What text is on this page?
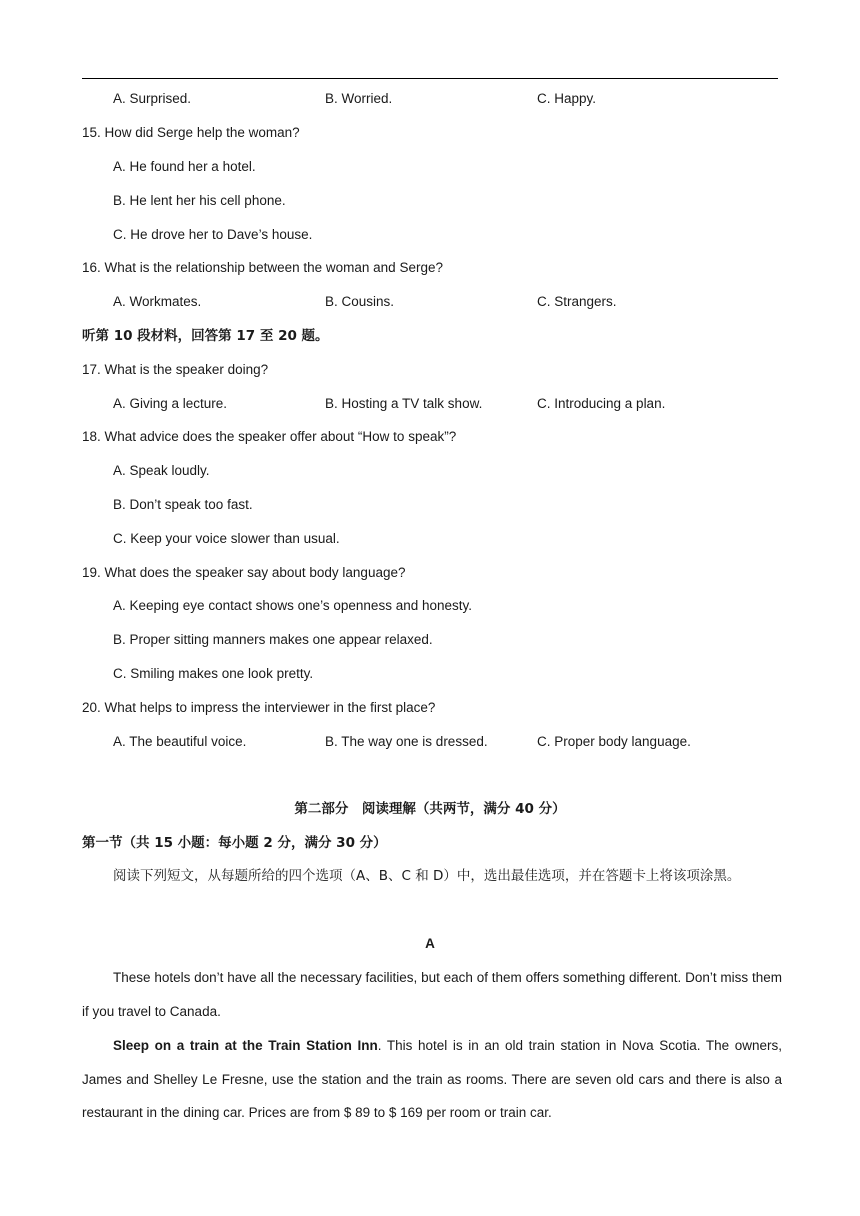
A. Surprised.	B. Worried.	C. Happy.
15. How did Serge help the woman?
A. He found her a hotel.
B. He lent her his cell phone.
C. He drove her to Dave’s house.
16. What is the relationship between the woman and Serge?
A. Workmates.	B. Cousins.	C. Strangers.
听第 10 段材料，回答第 17 至 20 题。
17. What is the speaker doing?
A. Giving a lecture.	B. Hosting a TV talk show.	C. Introducing a plan.
18. What advice does the speaker offer about “How to speak”?
A. Speak loudly.
B. Don’t speak too fast.
C. Keep your voice slower than usual.
19. What does the speaker say about body language?
A. Keeping eye contact shows one’s openness and honesty.
B. Proper sitting manners makes one appear relaxed.
C. Smiling makes one look pretty.
20. What helps to impress the interviewer in the first place?
A. The beautiful voice.	B. The way one is dressed.	C. Proper body language.
第二部分　阅读理解（共两节，满分 40 分）
第一节（共 15 小题：每小题 2 分，满分 30 分）
阅读下列短文，从每题所给的四个选项（A、B、C 和 D）中，选出最佳选项，并在答题卡上将该项涂黑。
A
These hotels don’t have all the necessary facilities, but each of them offers something different. Don’t miss them if you travel to Canada.
Sleep on a train at the Train Station Inn. This hotel is in an old train station in Nova Scotia. The owners, James and Shelley Le Fresne, use the station and the train as rooms. There are seven old cars and there is also a restaurant in the dining car. Prices are from $ 89 to $ 169 per room or train car.
